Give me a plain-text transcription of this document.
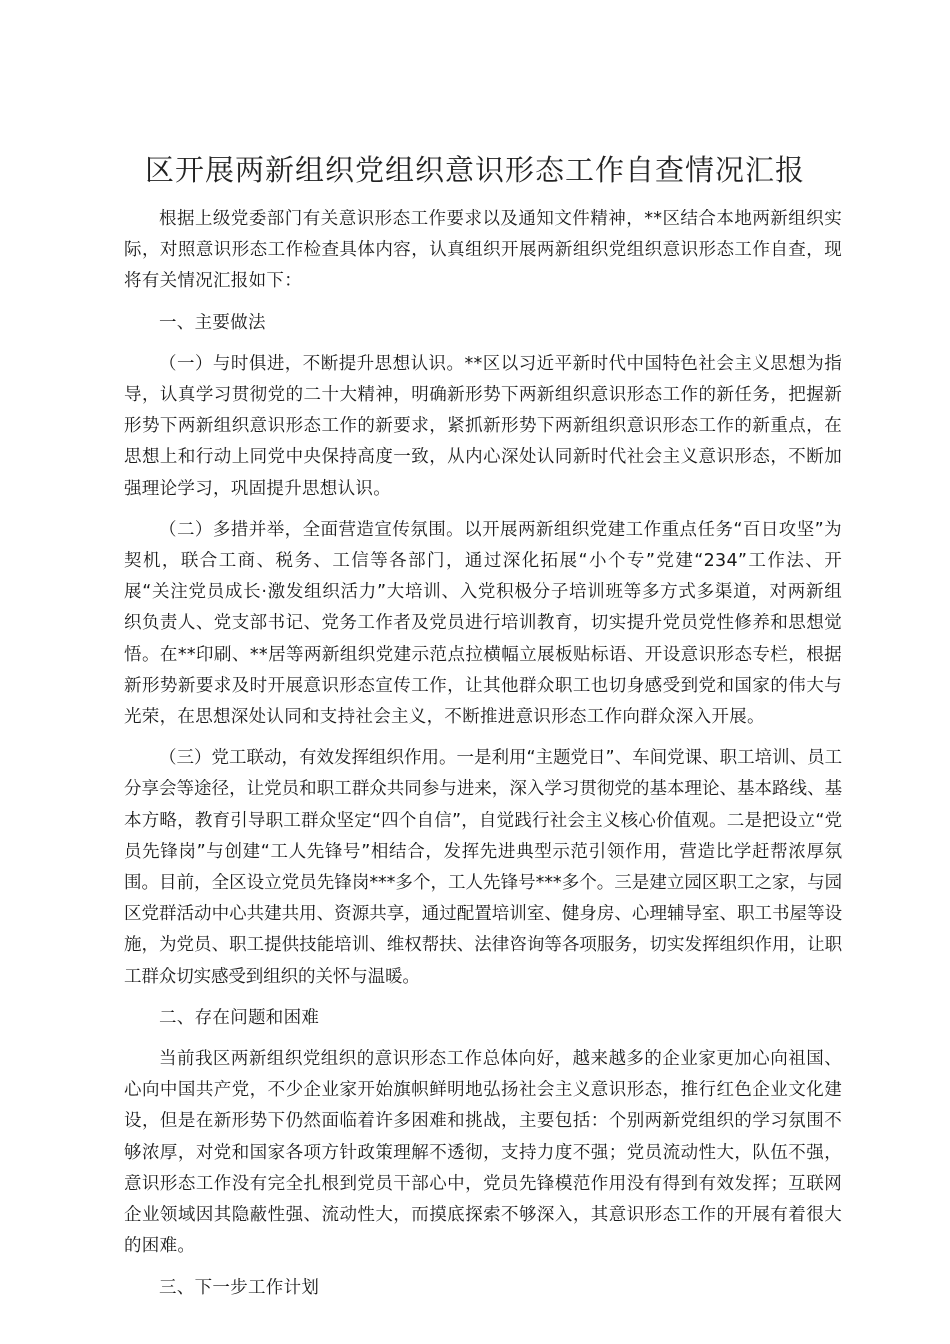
区开展两新组织党组织意识形态工作自查情况汇报

根据上级党委部门有关意识形态工作要求以及通知文件精神，**区结合本地两新组织实际，对照意识形态工作检查具体内容，认真组织开展两新组织党组织意识形态工作自查，现将有关情况汇报如下：

一、主要做法

（一）与时俱进，不断提升思想认识。**区以习近平新时代中国特色社会主义思想为指导，认真学习贯彻党的二十大精神，明确新形势下两新组织意识形态工作的新任务，把握新形势下两新组织意识形态工作的新要求，紧抓新形势下两新组织意识形态工作的新重点，在思想上和行动上同党中央保持高度一致，从内心深处认同新时代社会主义意识形态，不断加强理论学习，巩固提升思想认识。

（二）多措并举，全面营造宣传氛围。以开展两新组织党建工作重点任务“百日攻坚”为契机，联合工商、税务、工信等各部门，通过深化拓展“小个专”党建“234”工作法、开展“关注党员成长·激发组织活力”大培训、入党积极分子培训班等多方式多渠道，对两新组织负责人、党支部书记、党务工作者及党员进行培训教育，切实提升党员党性修养和思想觉悟。在**印刷、**居等两新组织党建示范点拉横幅立展板贴标语、开设意识形态专栏，根据新形势新要求及时开展意识形态宣传工作，让其他群众职工也切身感受到党和国家的伟大与光荣，在思想深处认同和支持社会主义，不断推进意识形态工作向群众深入开展。

（三）党工联动，有效发挥组织作用。一是利用“主题党日”、车间党课、职工培训、员工分享会等途径，让党员和职工群众共同参与进来，深入学习贯彻党的基本理论、基本路线、基本方略，教育引导职工群众坚定“四个自信”，自觉践行社会主义核心价值观。二是把设立“党员先锋岗”与创建“工人先锋号”相结合，发挥先进典型示范引领作用，营造比学赶帮浓厚氛围。目前，全区设立党员先锋岗***多个，工人先锋号***多个。三是建立园区职工之家，与园区党群活动中心共建共用、资源共享，通过配置培训室、健身房、心理辅导室、职工书屋等设施，为党员、职工提供技能培训、维权帮扶、法律咨询等各项服务，切实发挥组织作用，让职工群众切实感受到组织的关怀与温暖。

二、存在问题和困难

当前我区两新组织党组织的意识形态工作总体向好，越来越多的企业家更加心向祖国、心向中国共产党，不少企业家开始旗帜鲜明地弘扬社会主义意识形态，推行红色企业文化建设，但是在新形势下仍然面临着许多困难和挑战，主要包括：个别两新党组织的学习氛围不够浓厚，对党和国家各项方针政策理解不透彻，支持力度不强；党员流动性大，队伍不强，意识形态工作没有完全扎根到党员干部心中，党员先锋模范作用没有得到有效发挥；互联网企业领域因其隐蔽性强、流动性大，而摸底探索不够深入，其意识形态工作的开展有着很大的困难。

三、下一步工作计划
